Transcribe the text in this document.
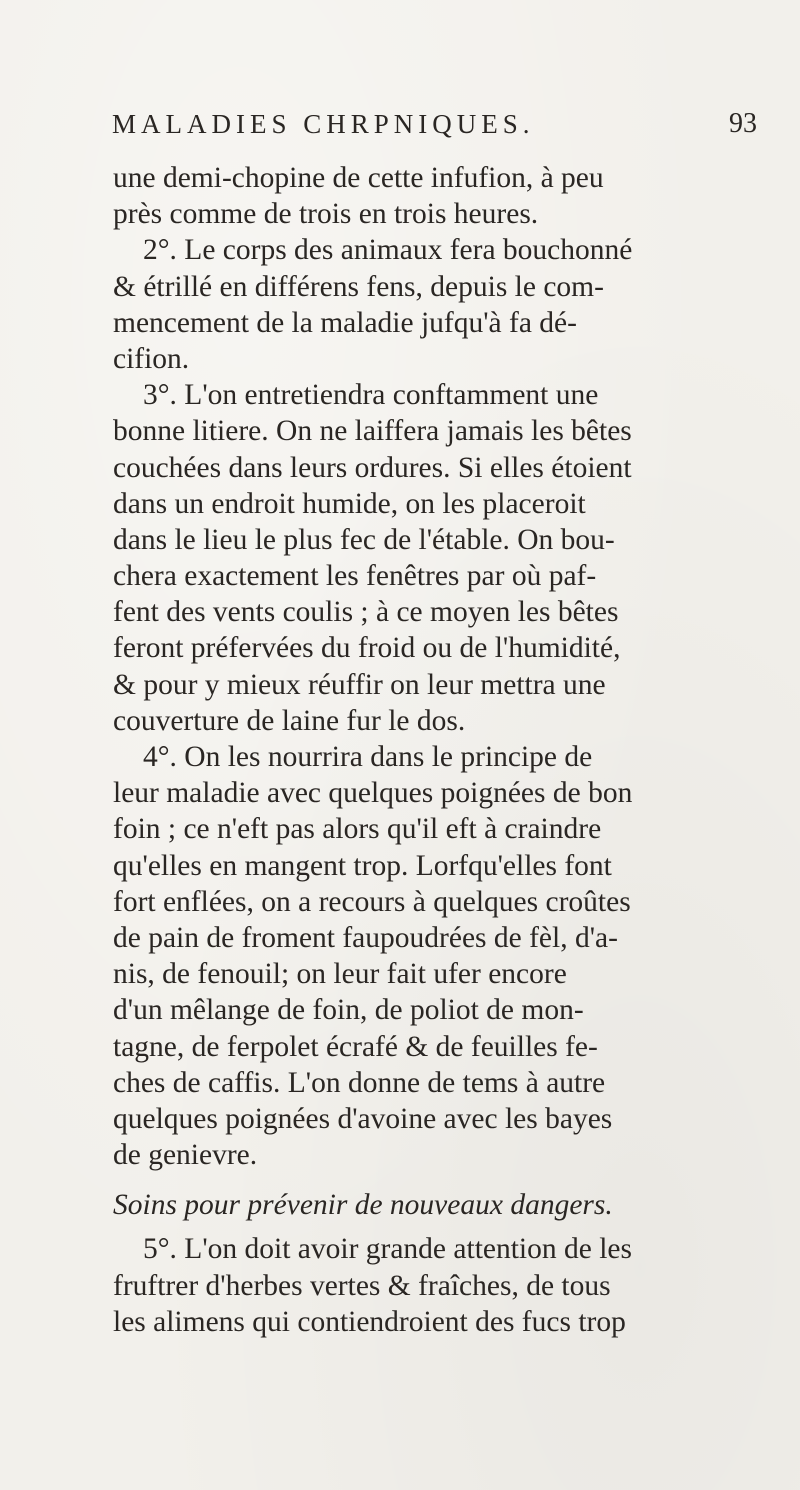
MALADIES CHRPNIQUES.	93
une demi-chopine de cette infufion, à peu
près comme de trois en trois heures.
2°. Le corps des animaux fera bouchonné
& étrillé en différens fens, depuis le com-
mencement de la maladie jufqu'à fa dé-
cifion.
3°. L'on entretiendra conftamment une
bonne litiere. On ne laiffera jamais les bêtes
couchées dans leurs ordures. Si elles étoient
dans un endroit humide, on les placeroit
dans le lieu le plus fec de l'étable. On bou-
chera exactement les fenêtres par où paf-
fent des vents coulis ; à ce moyen les bêtes
feront préfervées du froid ou de l'humidité,
& pour y mieux réuffir on leur mettra une
couverture de laine fur le dos.
4°. On les nourrira dans le principe de
leur maladie avec quelques poignées de bon
foin ; ce n'eft pas alors qu'il eft à craindre
qu'elles en mangent trop. Lorfqu'elles font
fort enflées, on a recours à quelques croûtes
de pain de froment faupoudrées de fèl, d'a-
nis, de fenouil; on leur fait ufer encore
d'un mêlange de foin, de poliot de mon-
tagne, de ferpolet écrafé & de feuilles fe-
ches de caffis. L'on donne de tems à autre
quelques poignées d'avoine avec les bayes
de genievre.
Soins pour prévenir de nouveaux dangers.
5°. L'on doit avoir grande attention de les
fruftrer d'herbes vertes & fraîches, de tous
les alimens qui contiendroient des fucs trop
